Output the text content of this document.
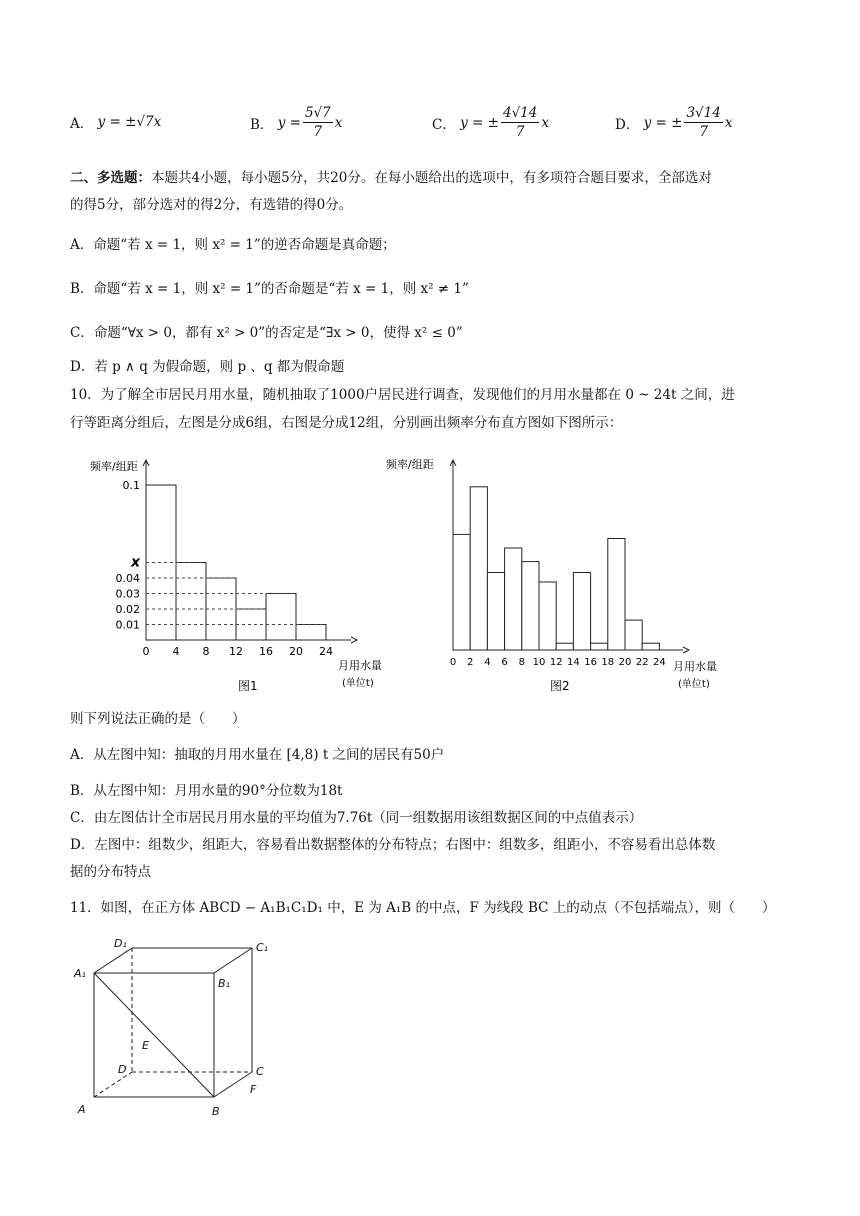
A．
y = ±√7 x	B．
$y = \frac{5√7}{7}$ x	C．
y = ± $\frac{4√14}{7}$ x	D．
y = ± $\frac{3√14}{7}$ x
二、多选题：本题共4小题，每小题5分，共20分。在每小题给出的选项中，有多项符合题目要求，全部选对
的得5分，部分选对的得2分，有选错的得0分。
A．命题“若 x = 1，则 x² = 1”的逆否命题是真命题；
B．命题“若 x = 1，则 x² = 1”的否命题是“若 x = 1，则 x² ≠ 1”
C．命题“∀x > 0，都有 x² > 0”的否定是“∃x > 0，使得 x² ≤ 0”
D．若 p ∧ q 为假命题，则 p 、q 都为假命题
10．为了解全市居民月用水量，随机抽取了1000户居民进行调查，发现他们的月用水量都在 0 ~ 24t 之间，进
行等距离分组后，左图是分成6组，右图是分成12组，分别画出频率分布直方图如下图所示：
频率/组距
月用水量
(单位t)
图1
0.1
x
0.04
0.03
0.02
0.01
0 4 8 12 16 20 24
频率/组距
月用水量
(单位t)
图2
0 2 4 6 8 10 12 14 16 18 20 22 24
则下列说法正确的是（　　）
A．从左图中知：抽取的月用水量在 [4,8) t 之间的居民有50户
B．从左图中知：月用水量的90°分位数为18t
C．由左图估计全市居民月用水量的平均值为7.76t（同一组数据用该组数据区间的中点值表示）
D．左图中：组数少，组距大，容易看出数据整体的分布特点；右图中：组数多，组距小，不容易看出总体数
据的分布特点
11．如图，在正方体 ABCD − A₁B₁C₁D₁ 中，E 为 A₁B 的中点，F 为线段 BC 上的动点（不包括端点），则（　　）
A₁
B₁
C₁
D₁
A	B
C
D
E
F
